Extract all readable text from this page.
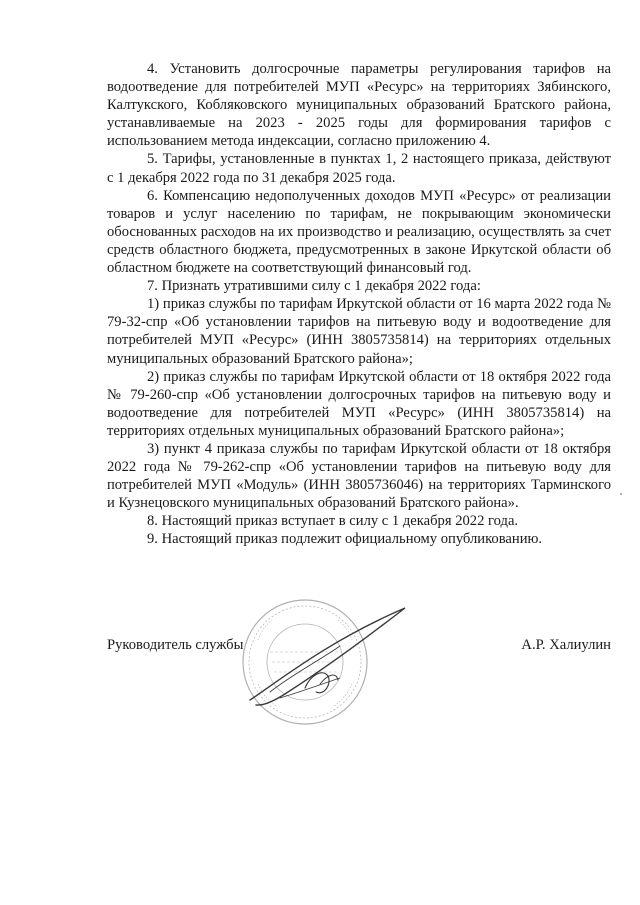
4. Установить долгосрочные параметры регулирования тарифов на водоотведение для потребителей МУП «Ресурс» на территориях Зябинского, Калтукского, Кобляковского муниципальных образований Братского района, устанавливаемые на 2023 - 2025 годы для формирования тарифов с использованием метода индексации, согласно приложению 4.

5. Тарифы, установленные в пунктах 1, 2 настоящего приказа, действуют с 1 декабря 2022 года по 31 декабря 2025 года.

6. Компенсацию недополученных доходов МУП «Ресурс» от реализации товаров и услуг населению по тарифам, не покрывающим экономически обоснованных расходов на их производство и реализацию, осуществлять за счет средств областного бюджета, предусмотренных в законе Иркутской области об областном бюджете на соответствующий финансовый год.

7. Признать утратившими силу с 1 декабря 2022 года:

1) приказ службы по тарифам Иркутской области от 16 марта 2022 года № 79-32-спр «Об установлении тарифов на питьевую воду и водоотведение для потребителей МУП «Ресурс» (ИНН 3805735814) на территориях отдельных муниципальных образований Братского района»;

2) приказ службы по тарифам Иркутской области от 18 октября 2022 года № 79-260-спр «Об установлении долгосрочных тарифов на питьевую воду и водоотведение для потребителей МУП «Ресурс» (ИНН 3805735814) на территориях отдельных муниципальных образований Братского района»;

3) пункт 4 приказа службы по тарифам Иркутской области от 18 октября 2022 года № 79-262-спр «Об установлении тарифов на питьевую воду для потребителей МУП «Модуль» (ИНН 3805736046) на территориях Тарминского и Кузнецовского муниципальных образований Братского района».

8. Настоящий приказ вступает в силу с 1 декабря 2022 года.

9. Настоящий приказ подлежит официальному опубликованию.

Руководитель службы	А.Р. Халиулин
